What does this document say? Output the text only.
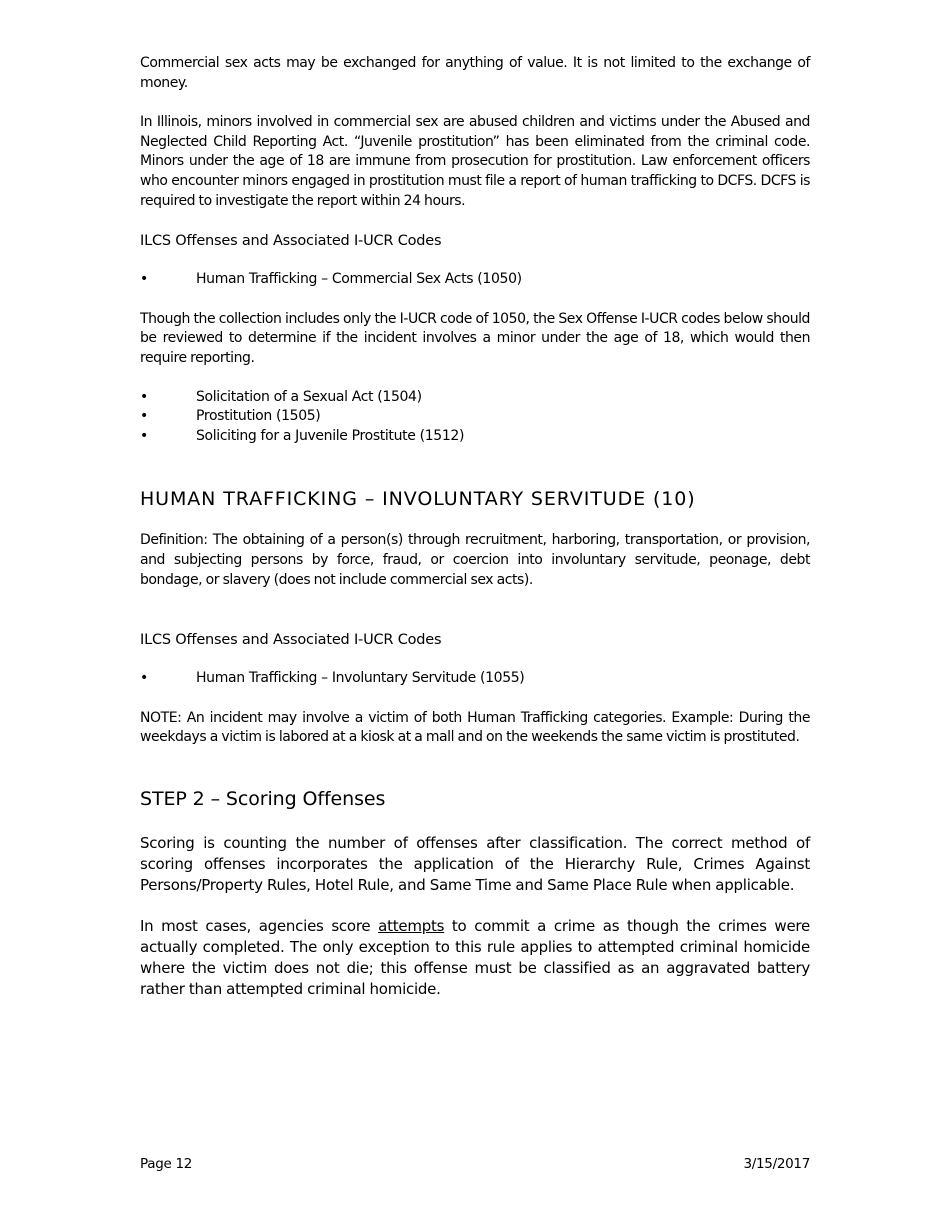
Commercial sex acts may be exchanged for anything of value. It is not limited to the exchange of money.

In Illinois, minors involved in commercial sex are abused children and victims under the Abused and Neglected Child Reporting Act. “Juvenile prostitution” has been eliminated from the criminal code. Minors under the age of 18 are immune from prosecution for prostitution. Law enforcement officers who encounter minors engaged in prostitution must file a report of human trafficking to DCFS. DCFS is required to investigate the report within 24 hours.

ILCS Offenses and Associated I-UCR Codes

•	Human Trafficking – Commercial Sex Acts (1050)

Though the collection includes only the I-UCR code of 1050, the Sex Offense I-UCR codes below should be reviewed to determine if the incident involves a minor under the age of 18, which would then require reporting.

•	Solicitation of a Sexual Act (1504)
•	Prostitution (1505)
•	Soliciting for a Juvenile Prostitute (1512)
HUMAN TRAFFICKING – INVOLUNTARY SERVITUDE (10)

Definition: The obtaining of a person(s) through recruitment, harboring, transportation, or provision, and subjecting persons by force, fraud, or coercion into involuntary servitude, peonage, debt bondage, or slavery (does not include commercial sex acts).

ILCS Offenses and Associated I-UCR Codes

•	Human Trafficking – Involuntary Servitude (1055)

NOTE: An incident may involve a victim of both Human Trafficking categories. Example: During the weekdays a victim is labored at a kiosk at a mall and on the weekends the same victim is prostituted.

STEP 2 – Scoring Offenses

Scoring is counting the number of offenses after classification. The correct method of scoring offenses incorporates the application of the Hierarchy Rule, Crimes Against Persons/Property Rules, Hotel Rule, and Same Time and Same Place Rule when applicable.

In most cases, agencies score attempts to commit a crime as though the crimes were actually completed. The only exception to this rule applies to attempted criminal homicide where the victim does not die; this offense must be classified as an aggravated battery rather than attempted criminal homicide.

Page 12	3/15/2017
